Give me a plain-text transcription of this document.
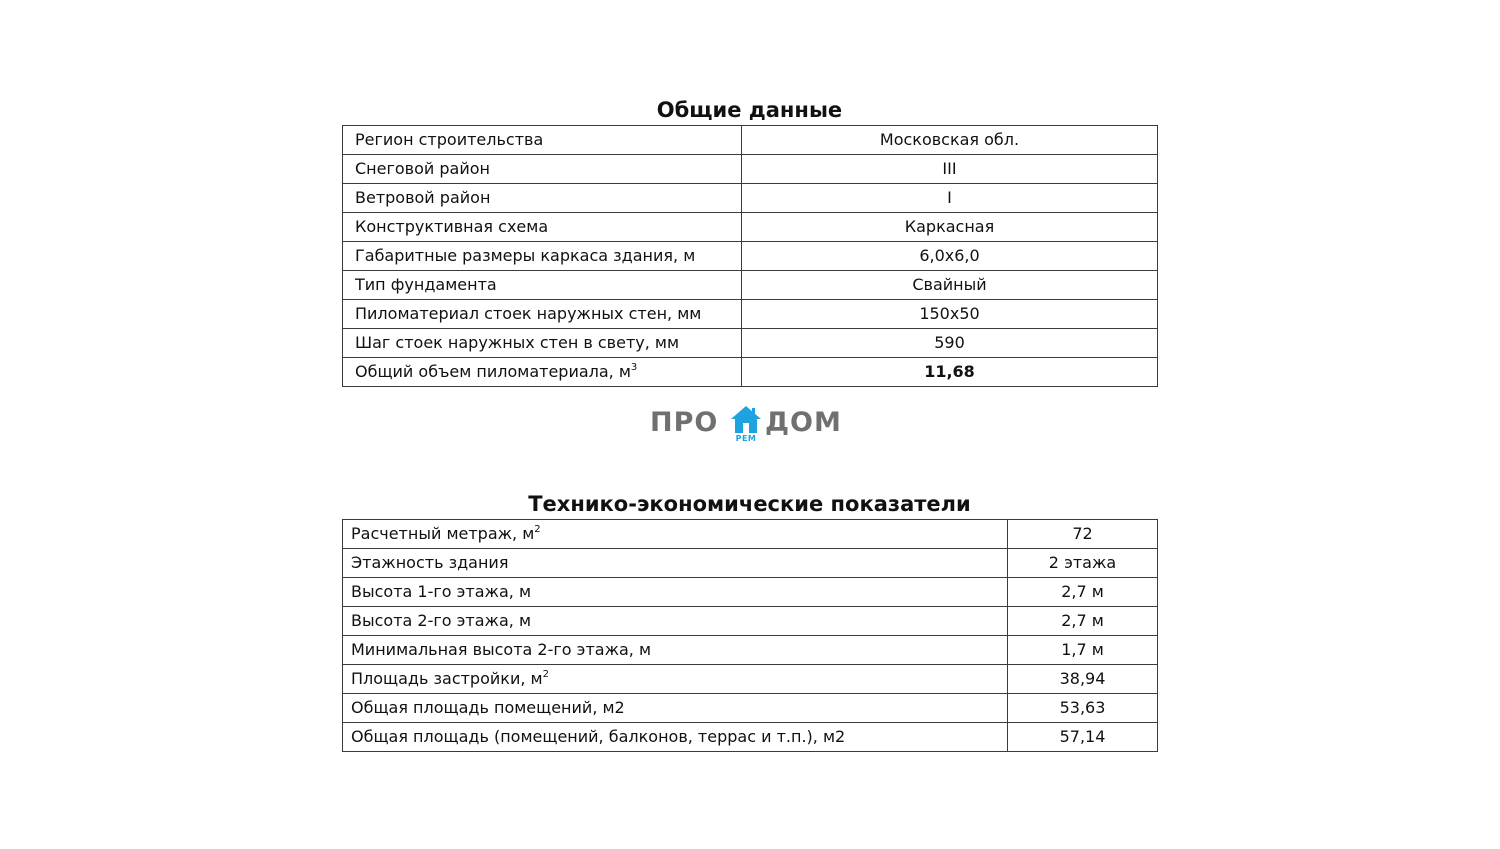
Общие данные
Регион строительства	Московская обл.
Снеговой район	III
Ветровой район	I
Конструктивная схема	Каркасная
Габаритные размеры каркаса здания, м	6,0х6,0
Тип фундамента	Свайный
Пиломатериал стоек наружных стен, мм	150х50
Шаг стоек наружных стен в свету, мм	590
Общий объем пиломатериала, $м^3$	11,68
ПРО
РЕМ
ДОМ
Технико-экономические показатели
Расчетный метраж, $м^2$	72
Этажность здания	2 этажа
Высота 1-го этажа, м	2,7 м
Высота 2-го этажа, м	2,7 м
Минимальная высота 2-го этажа, м	1,7 м
Площадь застройки, $м^2$	38,94
Общая площадь помещений, м2	53,63
Общая площадь (помещений, балконов, террас и т.п.), м2	57,14
